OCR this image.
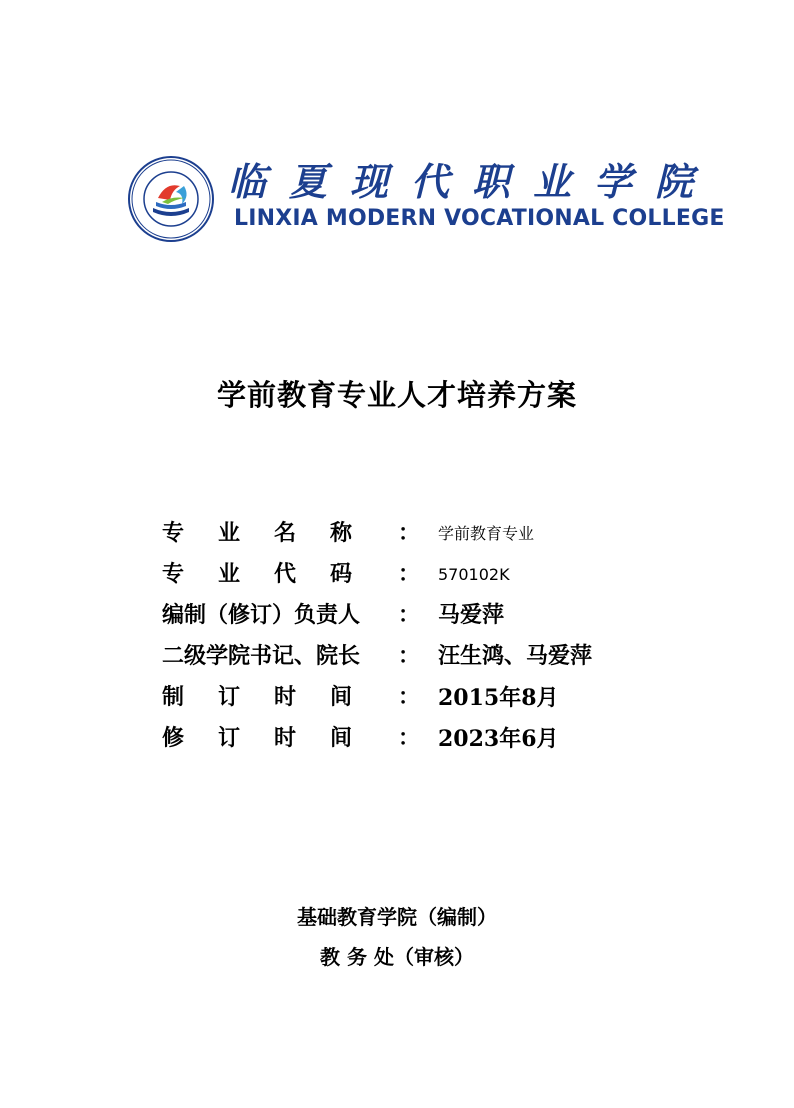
临夏现代职业学院
LINXIA MODERN VOCATIONAL COLLEGE
学前教育专业人才培养方案
专业名称 ： 学前教育专业
专业代码 ： 570102K
编制（修订）负责人	： 马爱萍
二级学院书记、院长	： 汪生鸿、马爱萍
制订时间 ： 2015年8月
修订时间 ： 2023年6月
基础教育学院（编制）
教 务 处（审核）
